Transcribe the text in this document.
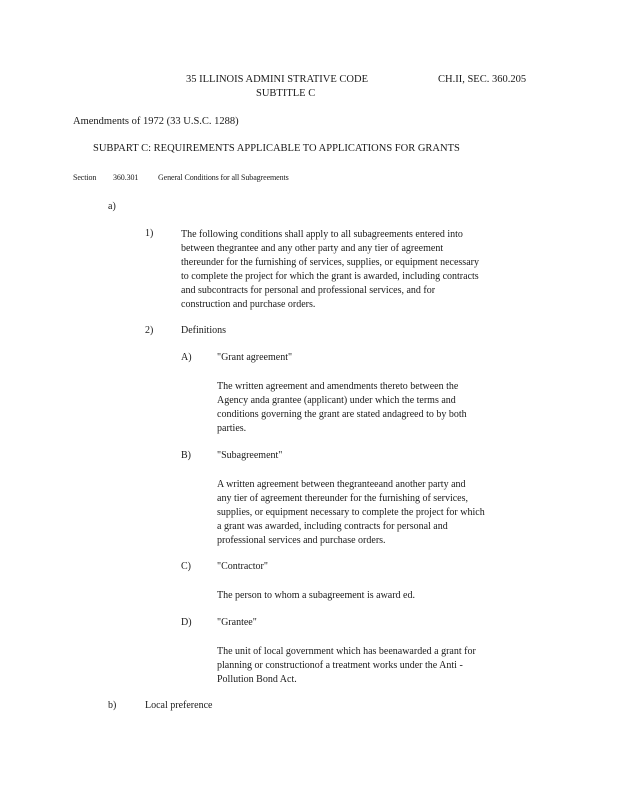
35 ILLINOIS ADMINI STRATIVE CODE	CH.II, SEC. 360.205
SUBTITLE C
Amendments of 1972 (33 U.S.C. 1288)
SUBPART C: REQUIREMENTS APPLICABLE TO APPLICATIONS FOR GRANTS
Section 360.301 General Conditions for all Subagreements
a)
1)	The following conditions shall apply to all subagreements entered into

between thegrantee and any other party and any tier of agreement

thereunder for the furnishing of services, supplies, or equipment necessary

to complete the project for which the grant is awarded, including contracts

and subcontracts for personal and professional services, and for

construction and purchase orders.

2)	Definitions
A)	"Grant agreement"

The written agreement and amendments thereto between the

Agency anda grantee (applicant) under which the terms and

conditions governing the grant are stated andagreed to by both

parties.

B)	"Subagreement"

A written agreement between thegranteeand another party and

any tier of agreement thereunder for the furnishing of services,

supplies, or equipment necessary to complete the project for which

a grant was awarded, including contracts for personal and

professional services and purchase orders.

C)	"Contractor"

The person to whom a subagreement is award ed.

D)	"Grantee"

The unit of local government which has beenawarded a grant for

planning or constructionof a treatment works under the Anti -

Pollution Bond Act.

b)	Local preference
